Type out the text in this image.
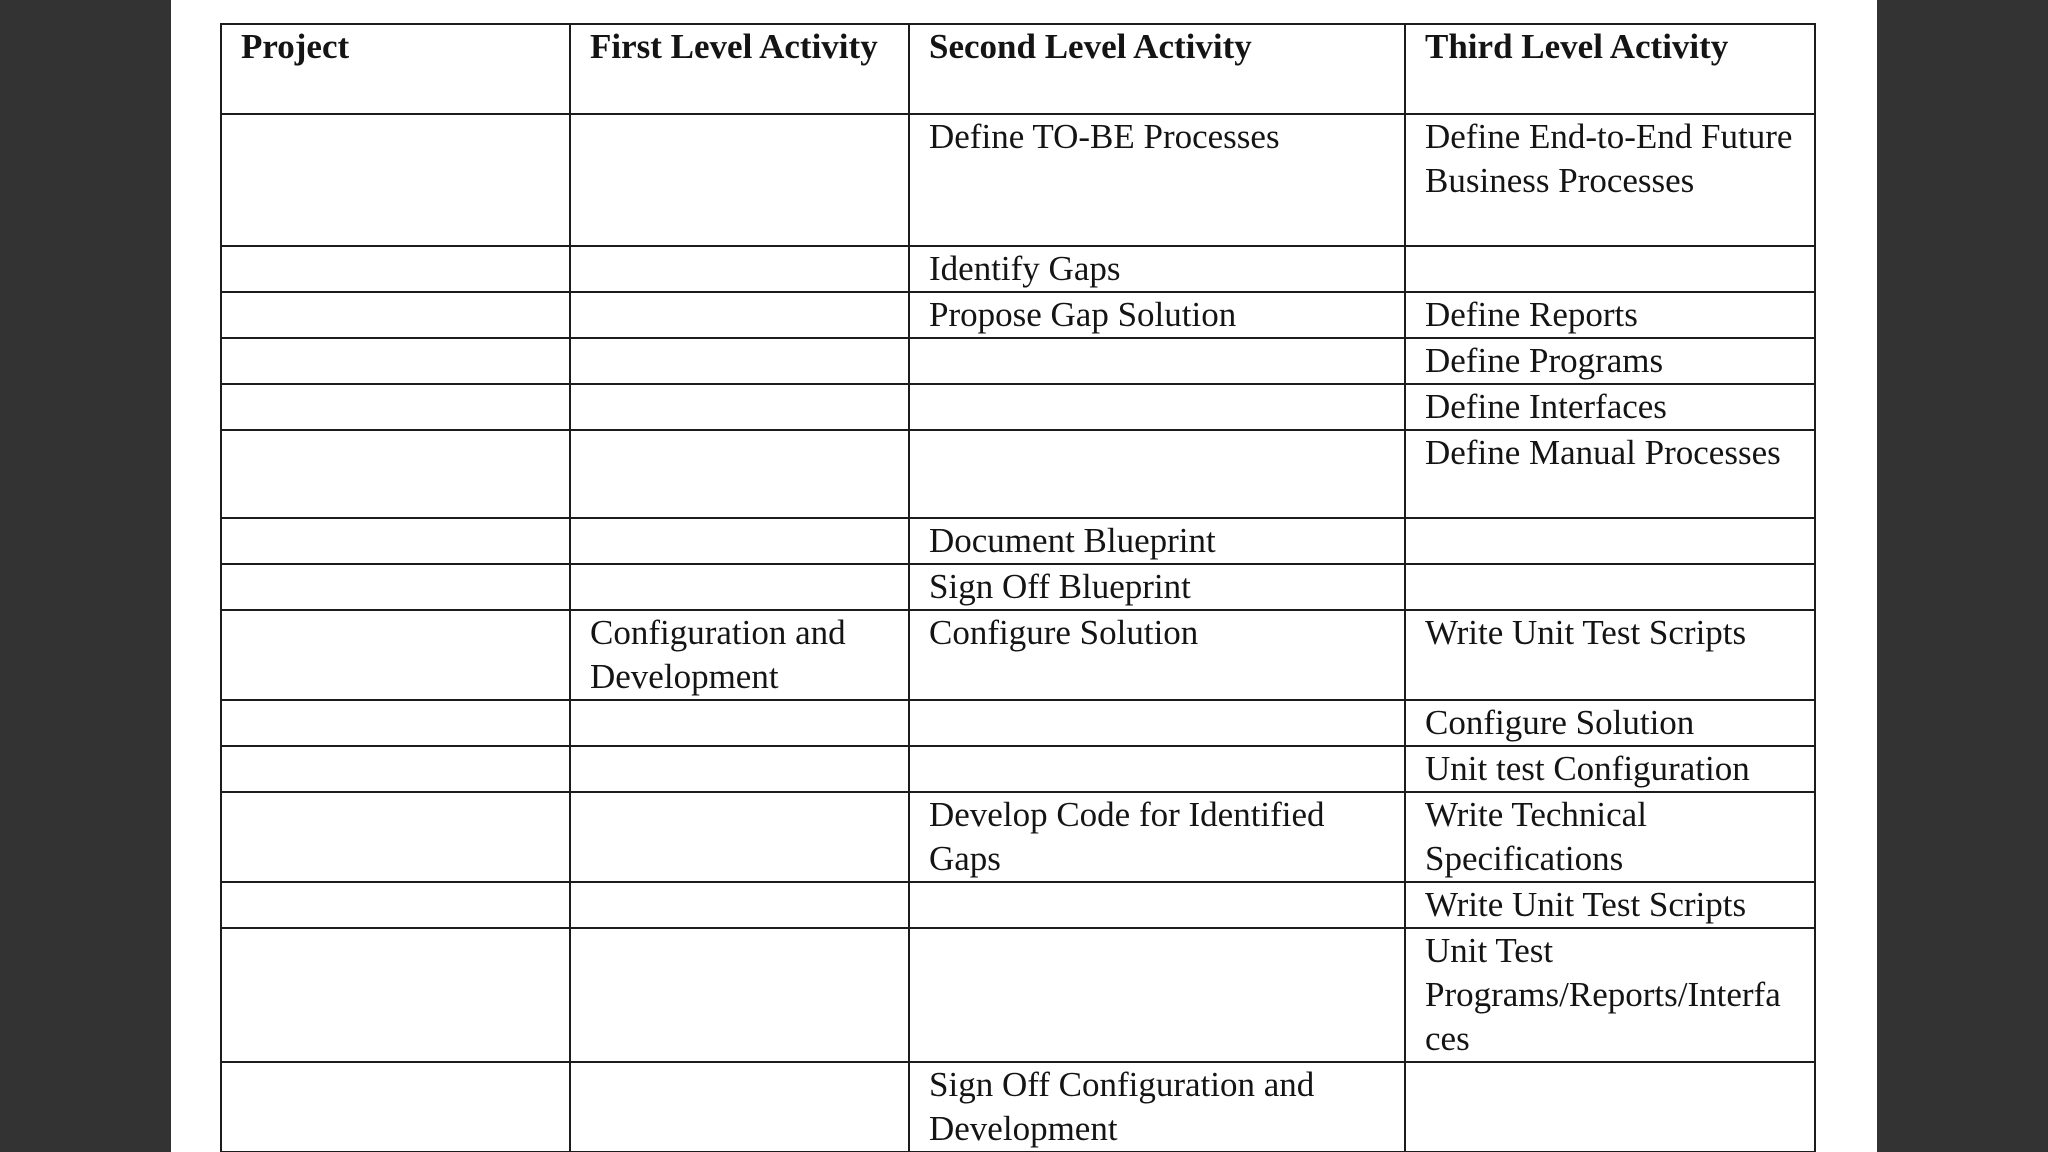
Project	First Level Activity	Second Level Activity	Third Level Activity
		Define TO-BE Processes	Define End-to-End Future Business Processes
		Identify Gaps	
		Propose Gap Solution	Define Reports
			Define Programs
			Define Interfaces
			Define Manual Processes
		Document Blueprint	
		Sign Off Blueprint	
	Configuration and Development	Configure Solution	Write Unit Test Scripts
			Configure Solution
			Unit test Configuration
		Develop Code for Identified Gaps	Write Technical Specifications
			Write Unit Test Scripts
			Unit Test Programs/Reports/Interfaces
		Sign Off Configuration and Development	
